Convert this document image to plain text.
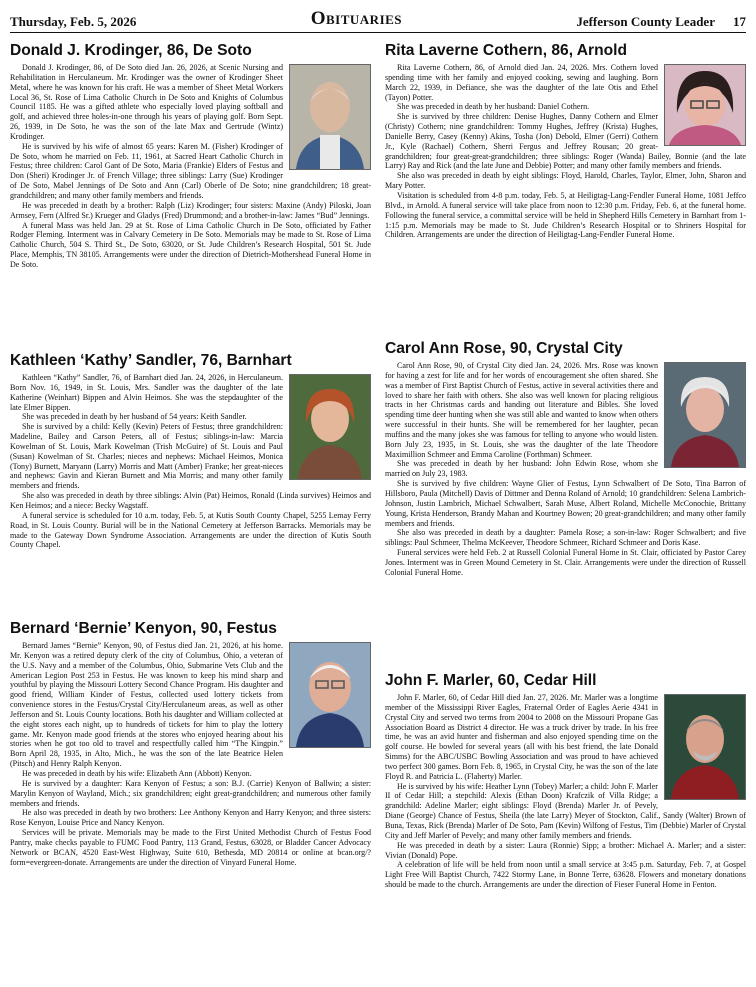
Thursday, Feb. 5, 2026	Obituaries	Jefferson County Leader 17
Donald J. Krodinger, 86, De Soto

Donald J. Krodinger, 86, of De Soto died Jan. 26, 2026, at Scenic Nursing and Rehabilitation in Herculaneum. Mr. Krodinger was the owner of Krodinger Sheet Metal, where he was known for his craft. He was a member of Sheet Metal Workers Local 36, St. Rose of Lima Catholic Church in De Soto and Knights of Columbus Council 1185. He was a gifted athlete who especially loved playing softball and golf, and achieved three holes-in-one through his years of playing golf. Born Sept. 26, 1939, in De Soto, he was the son of the late Max and Gertrude (Wintz) Krodinger.

He is survived by his wife of almost 65 years: Karen M. (Fisher) Krodinger of De Soto, whom he married on Feb. 11, 1961, at Sacred Heart Catholic Church in Festus; three children: Carol Gant of De Soto, Maria (Frankie) Elders of Festus and Don (Sheri) Krodinger Jr. of French Village; three siblings: Larry (Sue) Krodinger of De Soto, Mabel Jennings of De Soto and Ann (Carl) Oberle of De Soto; nine grandchildren; 18 great-grandchildren; and many other family members and friends.

He was preceded in death by a brother: Ralph (Liz) Krodinger; four sisters: Maxine (Andy) Piloski, Joan Armsey, Fern (Alfred Sr.) Krueger and Gladys (Fred) Drummond; and a brother-in-law: James “Bud” Jennings.

A funeral Mass was held Jan. 29 at St. Rose of Lima Catholic Church in De Soto, officiated by Father Rodger Fleming. Interment was in Calvary Cemetery in De Soto. Memorials may be made to St. Rose of Lima Catholic Church, 504 S. Third St., De Soto, 63020, or St. Jude Children’s Research Hospital, 501 St. Jude Place, Memphis, TN 38105. Arrangements were under the direction of Dietrich-Mothershead Funeral Home in De Soto.

Kathleen ‘Kathy’ Sandler, 76, Barnhart

Kathleen “Kathy” Sandler, 76, of Barnhart died Jan. 24, 2026, in Herculaneum. Born Nov. 16, 1949, in St. Louis, Mrs. Sandler was the daughter of the late Katherine (Weinhart) Bippen and Alvin Heimos. She was the stepdaughter of the late Elmer Bippen.

She was preceded in death by her husband of 54 years: Keith Sandler.

She is survived by a child: Kelly (Kevin) Peters of Festus; three grandchildren: Madeline, Bailey and Carson Peters, all of Festus; siblings-in-law: Marcia Kowelman of St. Louis, Mark Kowelman (Trish McGuire) of St. Louis and Paul (Susan) Kowelman of St. Charles; nieces and nephews: Michael Heimos, Monica (Tony) Burnett, Maryann (Larry) Morris and Matt (Amber) Franke; her great-nieces and nephews: Gavin and Kieran Burnett and Mia Morris; and many other family members and friends.

She also was preceded in death by three siblings: Alvin (Pat) Heimos, Ronald (Linda survives) Heimos and Ken Heimos; and a niece: Becky Wagstaff.

A funeral service is scheduled for 10 a.m. today, Feb. 5, at Kutis South County Chapel, 5255 Lemay Ferry Road, in St. Louis County. Burial will be in the National Cemetery at Jefferson Barracks. Memorials may be made to the Gateway Down Syndrome Association. Arrangements are under the direction of Kutis South County Chapel.

Bernard ‘Bernie’ Kenyon, 90, Festus

Bernard James “Bernie” Kenyon, 90, of Festus died Jan. 21, 2026, at his home. Mr. Kenyon was a retired deputy clerk of the city of Columbus, Ohio, a veteran of the U.S. Navy and a member of the Columbus, Ohio, Submarine Vets Club and the American Legion Post 253 in Festus. He was known to keep his mind sharp and youthful by playing the Missouri Lottery Second Chance Program. His daughter and good friend, William Kinder of Festus, collected used lottery tickets from convenience stores in the Festus/Crystal City/Herculaneum areas, as well as other Jefferson and St. Louis County locations. Both his daughter and William collected at the eight stores each night, up to hundreds of tickets for him to play the lottery game. Mr. Kenyon made good friends at the stores who enjoyed hearing about his stories when he got too old to travel and respectfully called him “The Kingpin.” Born April 28, 1935, in Alto, Mich., he was the son of the late Beatrice Helen (Pitsch) and Henry Ralph Kenyon.

He was preceded in death by his wife: Elizabeth Ann (Abbott) Kenyon.

He is survived by a daughter: Kara Kenyon of Festus; a son: B.J. (Carrie) Kenyon of Ballwin; a sister: Marylin Kenyon of Wayland, Mich.; six grandchildren; eight great-grandchildren; and numerous other family members and friends.

He also was preceded in death by two brothers: Lee Anthony Kenyon and Harry Kenyon; and three sisters: Rose Kenyon, Louise Price and Nancy Kenyon.

Services will be private. Memorials may be made to the First United Methodist Church of Festus Food Pantry, make checks payable to FUMC Food Pantry, 113 Grand, Festus, 63028, or Bladder Cancer Advocacy Network or BCAN, 4520 East-West Highway, Suite 610, Bethesda, MD 20814 or online at bcan.org/?form=evergreen-donate. Arrangements are under the direction of Vinyard Funeral Home.

Rita Laverne Cothern, 86, Arnold

Rita Laverne Cothern, 86, of Arnold died Jan. 24, 2026. Mrs. Cothern loved spending time with her family and enjoyed cooking, sewing and laughing. Born March 22, 1939, in Defiance, she was the daughter of the late Otis and Ethel (Tayon) Potter.

She was preceded in death by her husband: Daniel Cothern.

She is survived by three children: Denise Hughes, Danny Cothern and Elmer (Christy) Cothern; nine grandchildren: Tommy Hughes, Jeffrey (Krista) Hughes, Danielle Berry, Casey (Kenny) Akins, Tosha (Jon) Debold, Elmer (Gerri) Cothern Jr., Kyle (Rachael) Cothern, Sherri Fergus and Jeffrey Rousan; 20 great-grandchildren; four great-great-grandchildren; three siblings: Roger (Wanda) Bailey, Bonnie (and the late Larry) Ray and Rick (and the late June and Debbie) Potter; and many other family members and friends.

She also was preceded in death by eight siblings: Floyd, Harold, Charles, Taylor, Elmer, John, Sharon and Mary Potter.

Visitation is scheduled from 4-8 p.m. today, Feb. 5, at Heiligtag-Lang-Fendler Funeral Home, 1081 Jeffco Blvd., in Arnold. A funeral service will take place from noon to 12:30 p.m. Friday, Feb. 6, at the funeral home. Following the funeral service, a committal service will be held in Shepherd Hills Cemetery in Barnhart from 1-1:15 p.m. Memorials may be made to St. Jude Children’s Research Hospital or to Shriners Hospital for Children. Arrangements are under the direction of Heiligtag-Lang-Fendler Funeral Home.

Carol Ann Rose, 90, Crystal City

Carol Ann Rose, 90, of Crystal City died Jan. 24, 2026. Mrs. Rose was known for having a zest for life and for her words of encouragement she often shared. She was a member of First Baptist Church of Festus, active in several activities there and loved to share her faith with others. She also was well known for placing religious tracts in her Christmas cards and handing out literature and Bibles. She loved spending time deer hunting when she was still able and wanted to know when others were successful in their hunts. She will be remembered for her laughter, pecan muffins and the many jokes she was famous for telling to anyone who would listen. Born July 23, 1935, in St. Louis, she was the daughter of the late Theodore Maximillion Schmeer and Emma Caroline (Forthman) Schmeer.

She was preceded in death by her husband: John Edwin Rose, whom she married on July 23, 1983.

She is survived by five children: Wayne Glier of Festus, Lynn Schwalbert of De Soto, Tina Barron of Hillsboro, Paula (Mitchell) Davis of Dittmer and Denna Roland of Arnold; 10 grandchildren: Selena Lambrich-Johnson, Justin Lambrich, Michael Schwalbert, Sarah Muse, Albert Roland, Michelle McConochie, Brittany Young, Krista Henderson, Brandy Mahan and Kourtney Bowen; 20 great-grandchildren; and many other family members and friends.

She also was preceded in death by a daughter: Pamela Rose; a son-in-law: Roger Schwalbert; and five siblings: Paul Schmeer, Thelma McKeever, Theodore Schmeer, Richard Schmeer and Doris Kase.

Funeral services were held Feb. 2 at Russell Colonial Funeral Home in St. Clair, officiated by Pastor Carey Jones. Interment was in Green Mound Cemetery in St. Clair. Arrangements were under the direction of Russell Colonial Funeral Home.

John F. Marler, 60, Cedar Hill

John F. Marler, 60, of Cedar Hill died Jan. 27, 2026. Mr. Marler was a longtime member of the Mississippi River Eagles, Fraternal Order of Eagles Aerie 4341 in Crystal City and served two terms from 2004 to 2008 on the Missouri Propane Gas Association Board as District 4 director. He was a truck driver by trade. In his free time, he was an avid hunter and fisherman and also enjoyed spending time on the golf course. He bowled for several years (all with his best friend, the late Donald Simms) for the ABC/USBC Bowling Association and was proud to have achieved two perfect 300 games. Born Feb. 8, 1965, in Crystal City, he was the son of the late Floyd R. and Patricia L. (Flaherty) Marler.

He is survived by his wife: Heather Lynn (Tobey) Marler; a child: John F. Marler II of Cedar Hill; a stepchild: Alexis (Ethan Doon) Krafczik of Villa Ridge; a grandchild: Adeline Marler; eight siblings: Floyd (Brenda) Marler Jr. of Pevely, Diane (George) Chance of Festus, Sheila (the late Larry) Meyer of Stockton, Calif., Sandy (Walter) Brown of Buna, Texas, Rick (Brenda) Marler of De Soto, Pam (Kevin) Wilfong of Festus, Tim (Debbie) Marler of Crystal City and Jeff Marler of Pevely; and many other family members and friends.

He was preceded in death by a sister: Laura (Ronnie) Sipp; a brother: Michael A. Marler; and a sister: Vivian (Donald) Pope.

A celebration of life will be held from noon until a small service at 3:45 p.m. Saturday, Feb. 7, at Gospel Light Free Will Baptist Church, 7422 Stormy Lane, in Bonne Terre, 63628. Flowers and monetary donations should be made to the church. Arrangements are under the direction of Fieser Funeral Home in Fenton.
